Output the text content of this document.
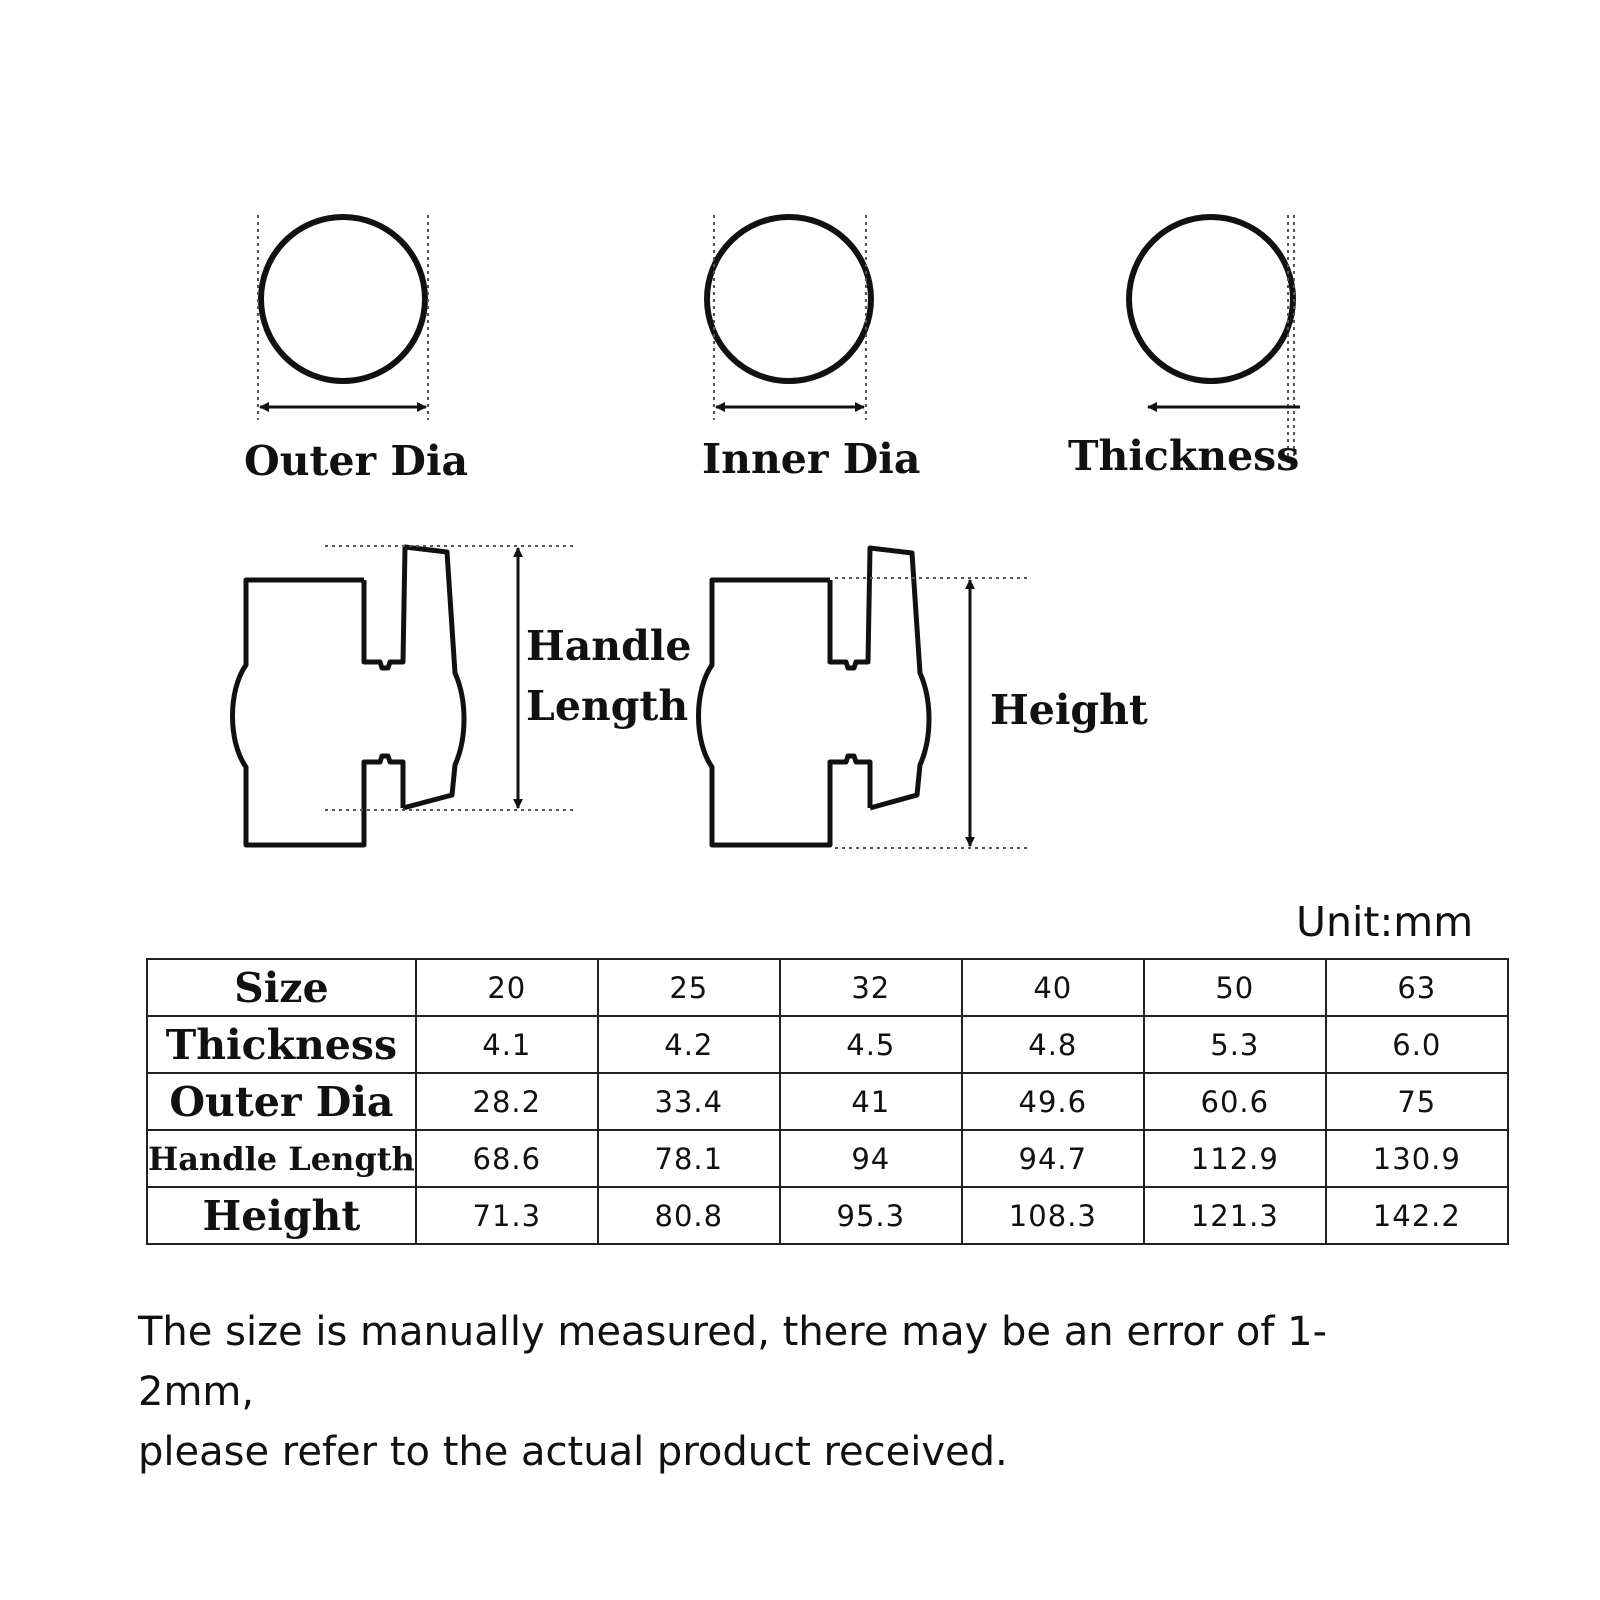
Outer Dia	Inner Dia	Thickness
Handle
Length	Height
Unit:mm
Size	20	25	32	40	50	63
Thickness	4.1	4.2	4.5	4.8	5.3	6.0
Outer Dia	28.2	33.4	41	49.6	60.6	75
Handle Length	68.6	78.1	94	94.7	112.9	130.9
Height	71.3	80.8	95.3	108.3	121.3	142.2
The size is manually measured, there may be an error of 1-2mm,
please refer to the actual product received.
